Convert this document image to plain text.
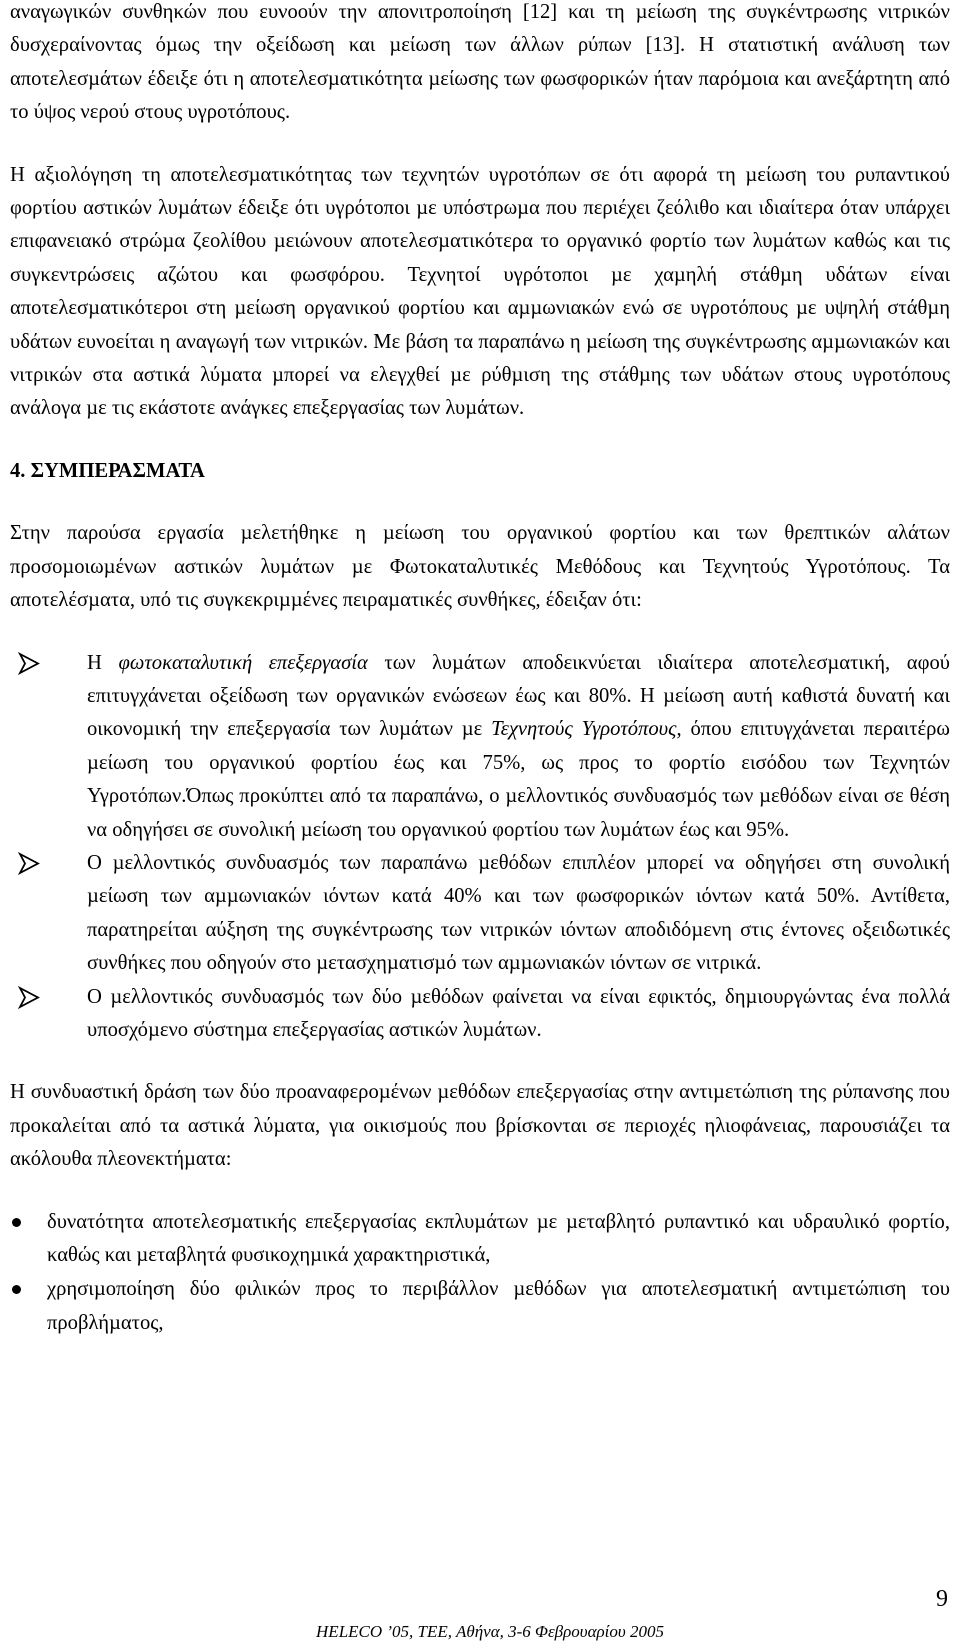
αναγωγικών συνθηκών που ευνοούν την απονιτροποίηση [12] και τη µείωση της συγκέντρωσης νιτρικών δυσχεραίνοντας όµως την οξείδωση και µείωση των άλλων ρύπων [13]. Η στατιστική ανάλυση των αποτελεσµάτων έδειξε ότι η αποτελεσµατικότητα µείωσης των φωσφορικών ήταν παρόµοια και ανεξάρτητη από το ύψος νερού στους υγροτόπους.

Η αξιολόγηση τη αποτελεσµατικότητας των τεχνητών υγροτόπων σε ότι αφορά τη µείωση του ρυπαντικού φορτίου αστικών λυµάτων έδειξε ότι υγρότοποι µε υπόστρωµα που περιέχει ζεόλιθο και ιδιαίτερα όταν υπάρχει επιφανειακό στρώµα ζεολίθου µειώνουν αποτελεσµατικότερα το οργανικό φορτίο των λυµάτων καθώς και τις συγκεντρώσεις αζώτου και φωσφόρου. Τεχνητοί υγρότοποι µε χαµηλή στάθµη υδάτων είναι αποτελεσµατικότεροι στη µείωση οργανικού φορτίου και αµµωνιακών ενώ σε υγροτόπους µε υψηλή στάθµη υδάτων ευνοείται η αναγωγή των νιτρικών. Με βάση τα παραπάνω η µείωση της συγκέντρωσης αµµωνιακών και νιτρικών στα αστικά λύµατα µπορεί να ελεγχθεί µε ρύθµιση της στάθµης των υδάτων στους υγροτόπους ανάλογα µε τις εκάστοτε ανάγκες επεξεργασίας των λυµάτων.

4. ΣΥΜΠΕΡΑΣΜΑΤΑ

Στην παρούσα εργασία µελετήθηκε η µείωση του οργανικού φορτίου και των θρεπτικών αλάτων προσοµοιωµένων αστικών λυµάτων µε Φωτοκαταλυτικές Μεθόδους και Τεχνητούς Υγροτόπους. Τα αποτελέσµατα, υπό τις συγκεκριµµένες πειραµατικές συνθήκες, έδειξαν ότι:

Η φωτοκαταλυτική επεξεργασία των λυµάτων αποδεικνύεται ιδιαίτερα αποτελεσµατική, αφού επιτυγχάνεται οξείδωση των οργανικών ενώσεων έως και 80%. Η µείωση αυτή καθιστά δυνατή και οικονοµική την επεξεργασία των λυµάτων µε Τεχνητούς Υγροτόπους, όπου επιτυγχάνεται περαιτέρω µείωση του οργανικού φορτίου έως και 75%, ως προς το φορτίο εισόδου των Τεχνητών Υγροτόπων.Όπως προκύπτει από τα παραπάνω, ο µελλοντικός συνδυασµός των µεθόδων είναι σε θέση να οδηγήσει σε συνολική µείωση του οργανικού φορτίου των λυµάτων έως και 95%.
Ο µελλοντικός συνδυασµός των παραπάνω µεθόδων επιπλέον µπορεί να οδηγήσει στη συνολική µείωση των αµµωνιακών ιόντων κατά 40% και των φωσφορικών ιόντων κατά 50%. Αντίθετα, παρατηρείται αύξηση της συγκέντρωσης των νιτρικών ιόντων αποδιδόµενη στις έντονες οξειδωτικές συνθήκες που οδηγούν στο µετασχηµατισµό των αµµωνιακών ιόντων σε νιτρικά.
Ο µελλοντικός συνδυασµός των δύο µεθόδων φαίνεται να είναι εφικτός, δηµιουργώντας ένα πολλά υποσχόµενο σύστηµα επεξεργασίας αστικών λυµάτων.

Η συνδυαστική δράση των δύο προαναφεροµένων µεθόδων επεξεργασίας στην αντιµετώπιση της ρύπανσης που προκαλείται από τα αστικά λύµατα, για οικισµούς που βρίσκονται σε περιοχές ηλιοφάνειας, παρουσιάζει τα ακόλουθα πλεονεκτήµατα:

δυνατότητα αποτελεσµατικής επεξεργασίας εκπλυµάτων µε µεταβλητό ρυπαντικό και υδραυλικό φορτίο, καθώς και µεταβλητά φυσικοχηµικά χαρακτηριστικά,
χρησιµοποίηση δύο φιλικών προς το περιβάλλον µεθόδων για αποτελεσµατική αντιµετώπιση του προβλήµατος,
9
HELECO ’05, ΤΕΕ, Αθήνα, 3-6 Φεβρουαρίου 2005
